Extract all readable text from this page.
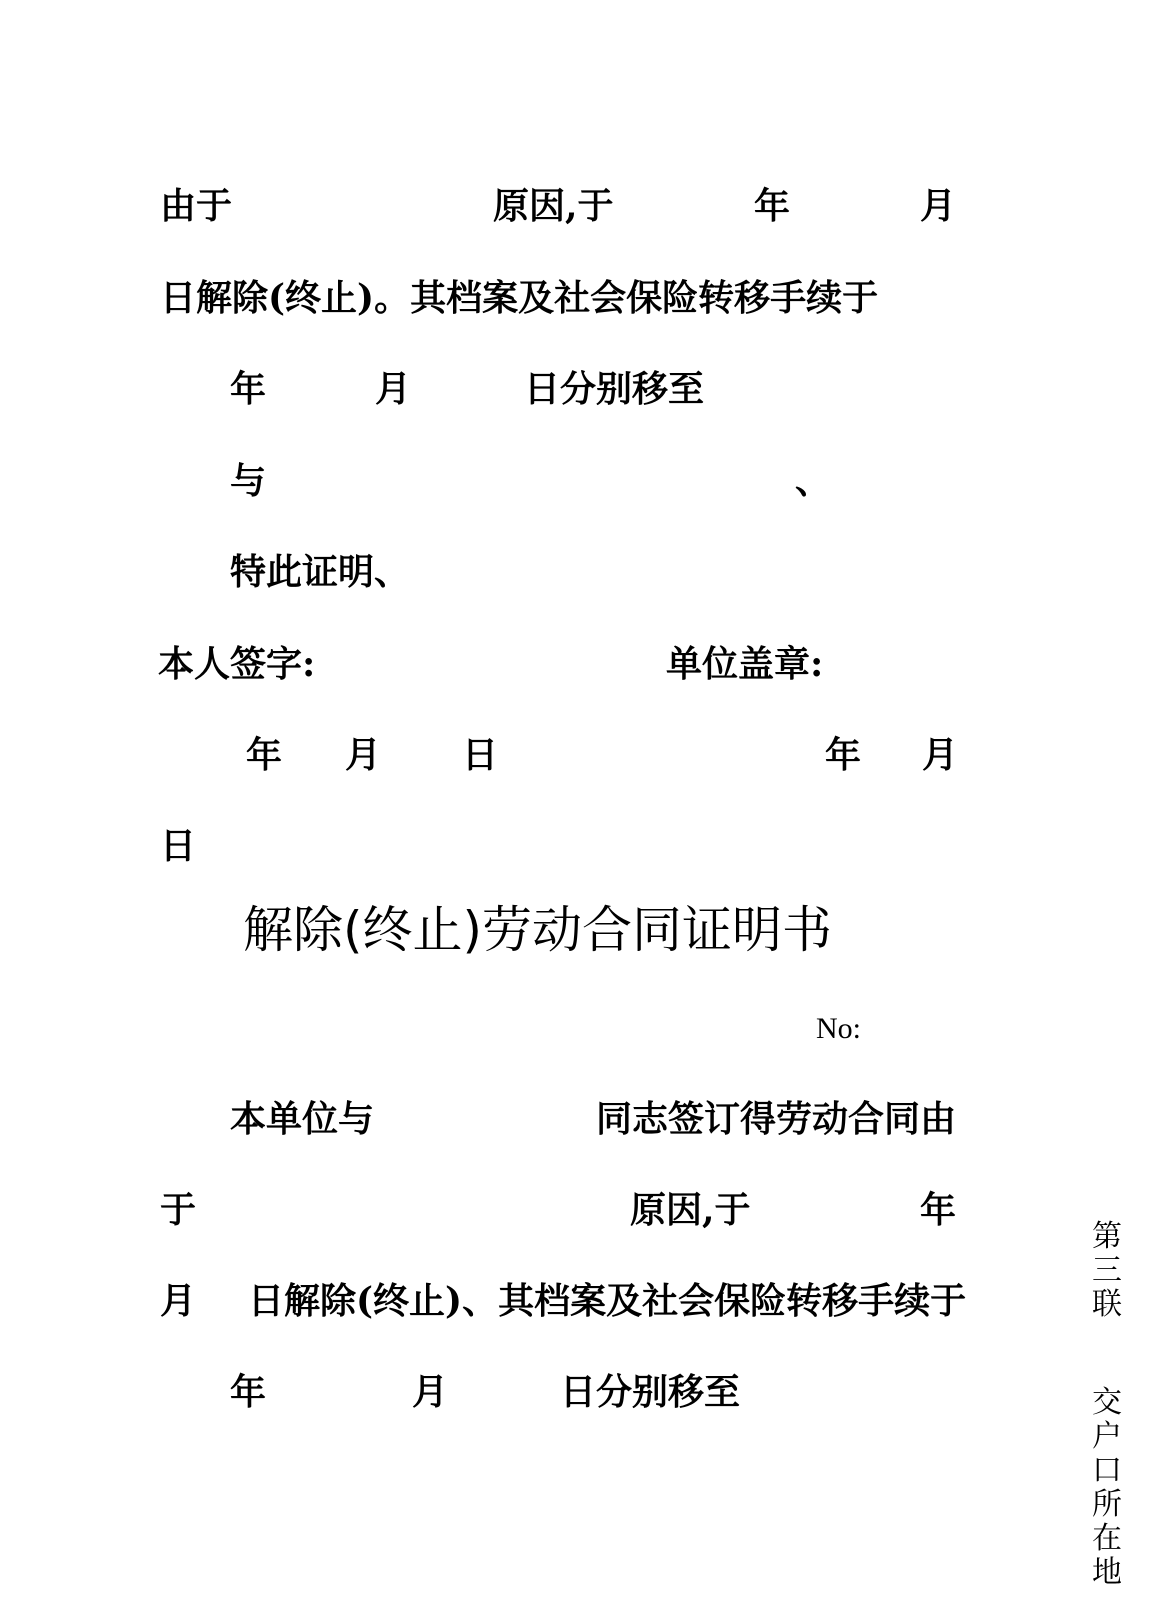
由于	原因,于	年	月
日解除(终止)。其档案及社会保险转移手续于
年	月	日分别移至
与	、
特此证明、
本人签字:	单位盖章:
年 月 日	年 月
日
解除(终止)劳动合同证明书
No:
本单位与	同志签订得劳动合同由
于	原因,于	年
月 日解除(终止)、其档案及社会保险转移手续于
年	月	日分别移至
第三联
交户口所在地
